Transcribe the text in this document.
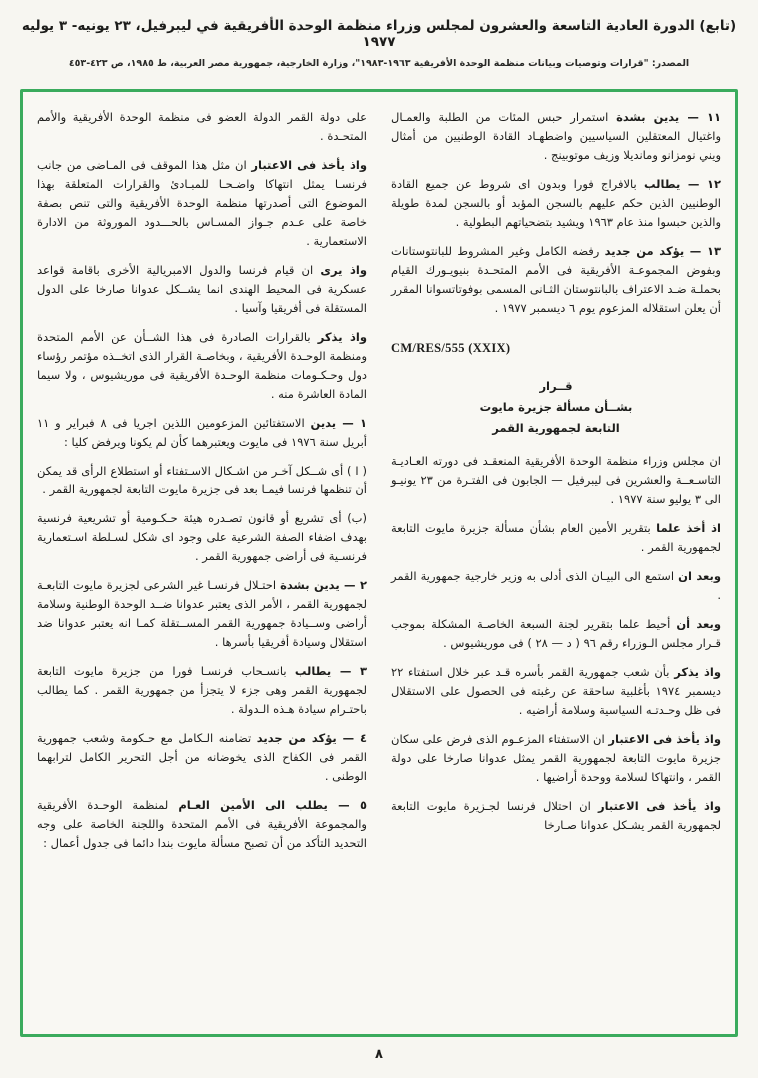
(تابع) الدورة العادية التاسعة والعشرون لمجلس وزراء منظمة الوحدة الأفريقية في ليبرفيل، ٢٣ يونيه- ٣ يوليه ١٩٧٧
المصدر: "قرارات وتوصيات وبيانات منظمة الوحدة الأفريقية ١٩٦٣-١٩٨٣"، وزارة الخارجية، جمهورية مصر العربية، ط ١٩٨٥، ص ٤٢٣-٤٥٣

١١ — يدين بشدة استمرار حبس المئات من الطلبة والعمـال واغتيال المعتقلين السياسيين واضطهـاد القادة الوطنيين من أمثال ويني نومزانو ومانديلا وزيف موتوبينج .

١٢ — يطالب بالافراج فورا وبدون اى شروط عن جميع القادة الوطنيين الذين حكم عليهم بالسجن المؤبد أو بالسجن لمدة طويلة والذين حبسوا منذ عام ١٩٦٣ ويشيد بتضحياتهم البطولية .

١٣ — يؤكد من جديد رفضه الكامل وغير المشروط للبانتوستانات وبفوض المجموعـة الأفريقية فى الأمم المتحـدة بنيويـورك القيام بحملـة ضـد الاعتراف بالبانتوستان الثـانى المسمى بوفوتاتسوانا المقرر أن يعلن استقلاله المزعوم يوم ٦ ديسمبر ١٩٧٧ .

CM/RES/555 (XXIX)
قــرار
بشــأن مسألة جزيرة مايوت
التابعة لجمهورية القمر

ان مجلس وزراء منظمة الوحدة الأفريقية المنعقـد فى دورته العـاديـة التاسـعــة والعشرين فى ليبرفيل — الجابون فى الفتـرة من ٢٣ يونيـو الى ٣ يوليو سنة ١٩٧٧ .

اذ أخذ علما بتقرير الأمين العام بشأن مسألة جزيرة مايوت التابعة لجمهورية القمر .

وبعد ان استمع الى البيـان الذى أدلى به وزير خارجية جمهورية القمر .

وبعد أن أحيط علما بتقرير لجنة السبعة الخاصـة المشكلة بموجب قـرار مجلس الـوزراء رقم ٩٦ ( د — ٢٨ ) فى موريشيوس .

واذ يذكر بأن شعب جمهورية القمر بأسره قـد عبر خلال استفتاء ٢٢ ديسمبر ١٩٧٤ بأغلبية ساحقة عن رغبته فى الحصول على الاستقلال فى ظل وحـدتـه السياسية وسلامة أراضيه .

واذ يأخذ فى الاعتبار ان الاستفتاء المزعـوم الذى فرض على سكان جزيرة مايوت التابعة لجمهورية القمر يمثل عدوانا صارخا على دولة القمر ، وانتهاكا لسلامة ووحدة أراضيها .

واذ يأخذ فى الاعتبار ان احتلال فرنسا لجـزيرة مايوت التابعة لجمهورية القمر يشـكل عدوانا صـارخا

على دولة القمر الدولة العضو فى منظمة الوحدة الأفريقية والأمم المتحـدة .

واذ يأخذ فى الاعتبار ان مثل هذا الموقف فى المـاضى من جانب فرنسـا يمثل انتهاكا واضـحـا للمبـادئ والقرارات المتعلقة بهذا الموضوع التى أصدرتها منظمة الوحدة الأفريقية والتى تنص بصفة خاصة على عـدم جـواز المسـاس بالحـــدود الموروثة من الادارة الاستعمارية .

واذ يرى ان قيام فرنسا والدول الامبريالية الأخرى باقامة قواعد عسكرية فى المحيط الهندى انما يشــكل عدوانا صارخا على الدول المستقلة فى أفريقيا وآسيا .

واذ يذكر بالقرارات الصادرة فى هذا الشــأن عن الأمم المتحدة ومنظمة الوحـدة الأفريقية ، وبخاصـة القرار الذى اتخــذه مؤتمر رؤساء دول وحـكـومات منظمة الوحـدة الأفريقية فى موريشيوس ، ولا سيما المادة العاشرة منه .

١ — يدين الاستفتائين المزعومين اللذين اجريا فى ٨ فبراير و ١١ أبريل سنة ١٩٧٦ فى مايوت ويعتبرهما كأن لم يكونا ويرفض كليا :

( ا ) أى شــكل آخـر من اشـكال الاسـتفتاء أو استطلاع الرأى قد يمكن أن تنظمها فرنسا فيمـا بعد فى جزيرة مايوت التابعة لجمهورية القمر .

(ب) أى تشريع أو قانون تصـدره هيئة حـكـومية أو تشريعية فرنسية بهدف اضفاء الصفة الشرعية على وجود اى شكل لسـلطة اسـتعمارية فرنسـية فى أراضى جمهورية القمر .

٢ — يدين بشدة احتـلال فرنسـا غير الشرعى لجزيرة مايوت التابعـة لجمهورية القمر ، الأمر الذى يعتبر عدوانا ضــد الوحدة الوطنية وسلامة أراضى وســيادة جمهورية القمر المســتقلة كمـا انه يعتبر عدوانا ضد استقلال وسيادة أفريقيا بأسرها .

٣ — يطالب بانسـحاب فرنسـا فورا من جزيرة مايوت التابعة لجمهورية القمر وهى جزء لا يتجزأ من جمهورية القمر . كما يطالب باحتـرام سيادة هـذه الـدولة .

٤ — يؤكد من جديد تضامنه الـكامل مع حـكومة وشعب جمهورية القمر فى الكفاح الذى يخوضانه من أجل التحرير الكامل لترابهما الوطنى .

٥ — يطلب الى الأمين العـام لمنظمة الوحـدة الأفريقية والمجموعة الأفريقية فى الأمم المتحدة واللجنة الخاصة على وجه التحديد التأكد من أن تصبح مسألة مايوت بندا دائما فى جدول أعمال :

٨
